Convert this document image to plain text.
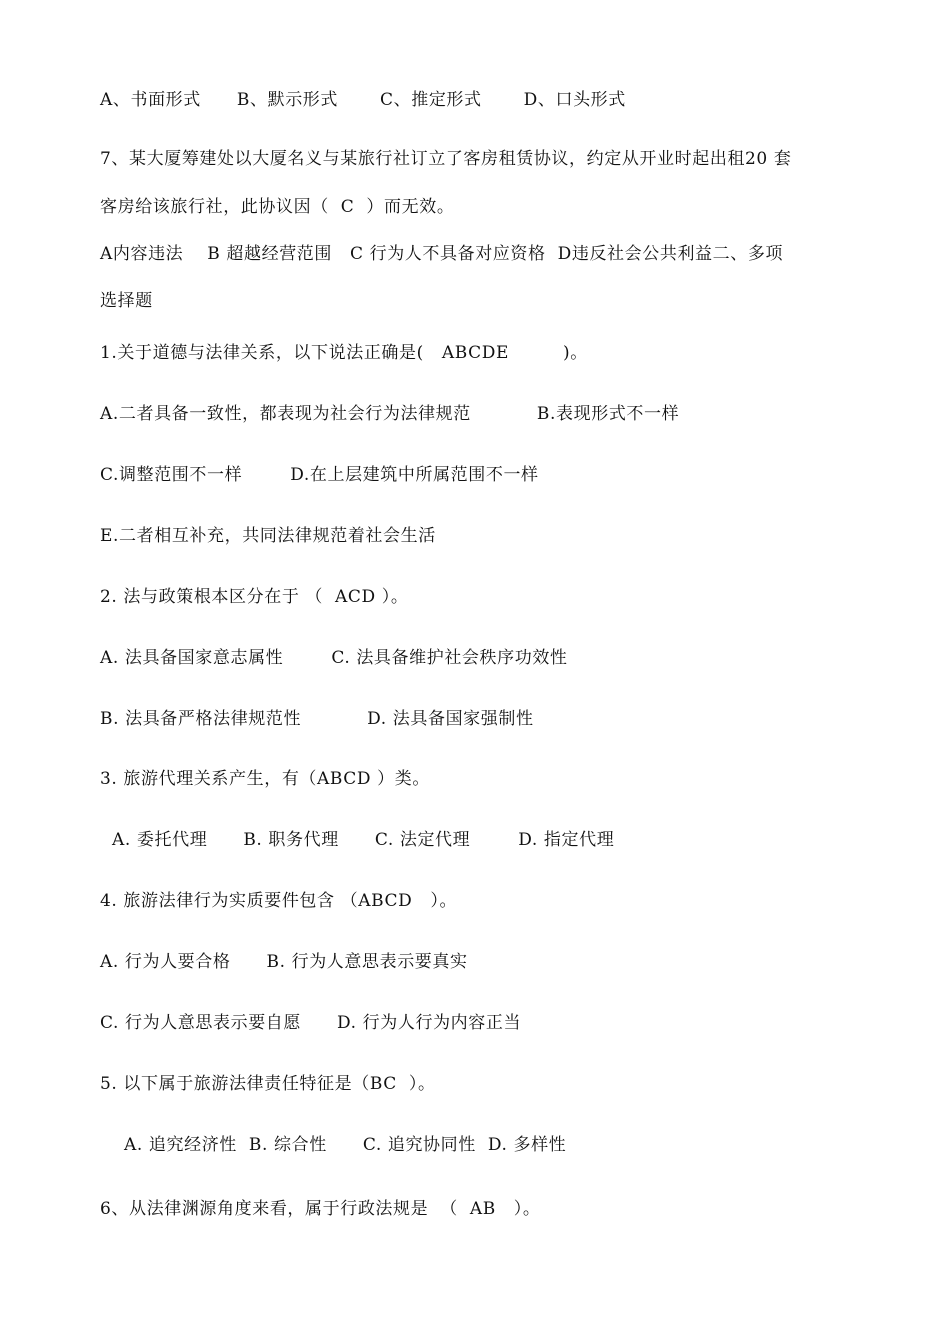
A、书面形式      B、默示形式       C、推定形式       D、口头形式
7、某大厦筹建处以大厦名义与某旅行社订立了客房租赁协议，约定从开业时起出租20 套
客房给该旅行社，此协议因（  C  ）而无效。
A内容违法    B 超越经营范围   C 行为人不具备对应资格  D违反社会公共利益二、多项
选择题
1.关于道德与法律关系，以下说法正确是(   ABCDE         )。
A.二者具备一致性，都表现为社会行为法律规范           B.表现形式不一样
C.调整范围不一样        D.在上层建筑中所属范围不一样
E.二者相互补充，共同法律规范着社会生活
2. 法与政策根本区分在于 （  ACD ）。
A. 法具备国家意志属性        C. 法具备维护社会秩序功效性
B. 法具备严格法律规范性           D. 法具备国家强制性
3. 旅游代理关系产生，有（ABCD ）类。
A. 委托代理      B. 职务代理      C. 法定代理        D. 指定代理
4. 旅游法律行为实质要件包含 （ABCD   ）。
A. 行为人要合格      B. 行为人意思表示要真实
C. 行为人意思表示要自愿      D. 行为人行为内容正当
5. 以下属于旅游法律责任特征是（BC  ）。
A. 追究经济性  B. 综合性      C. 追究协同性  D. 多样性
6、从法律渊源角度来看，属于行政法规是  （  AB   ）。
